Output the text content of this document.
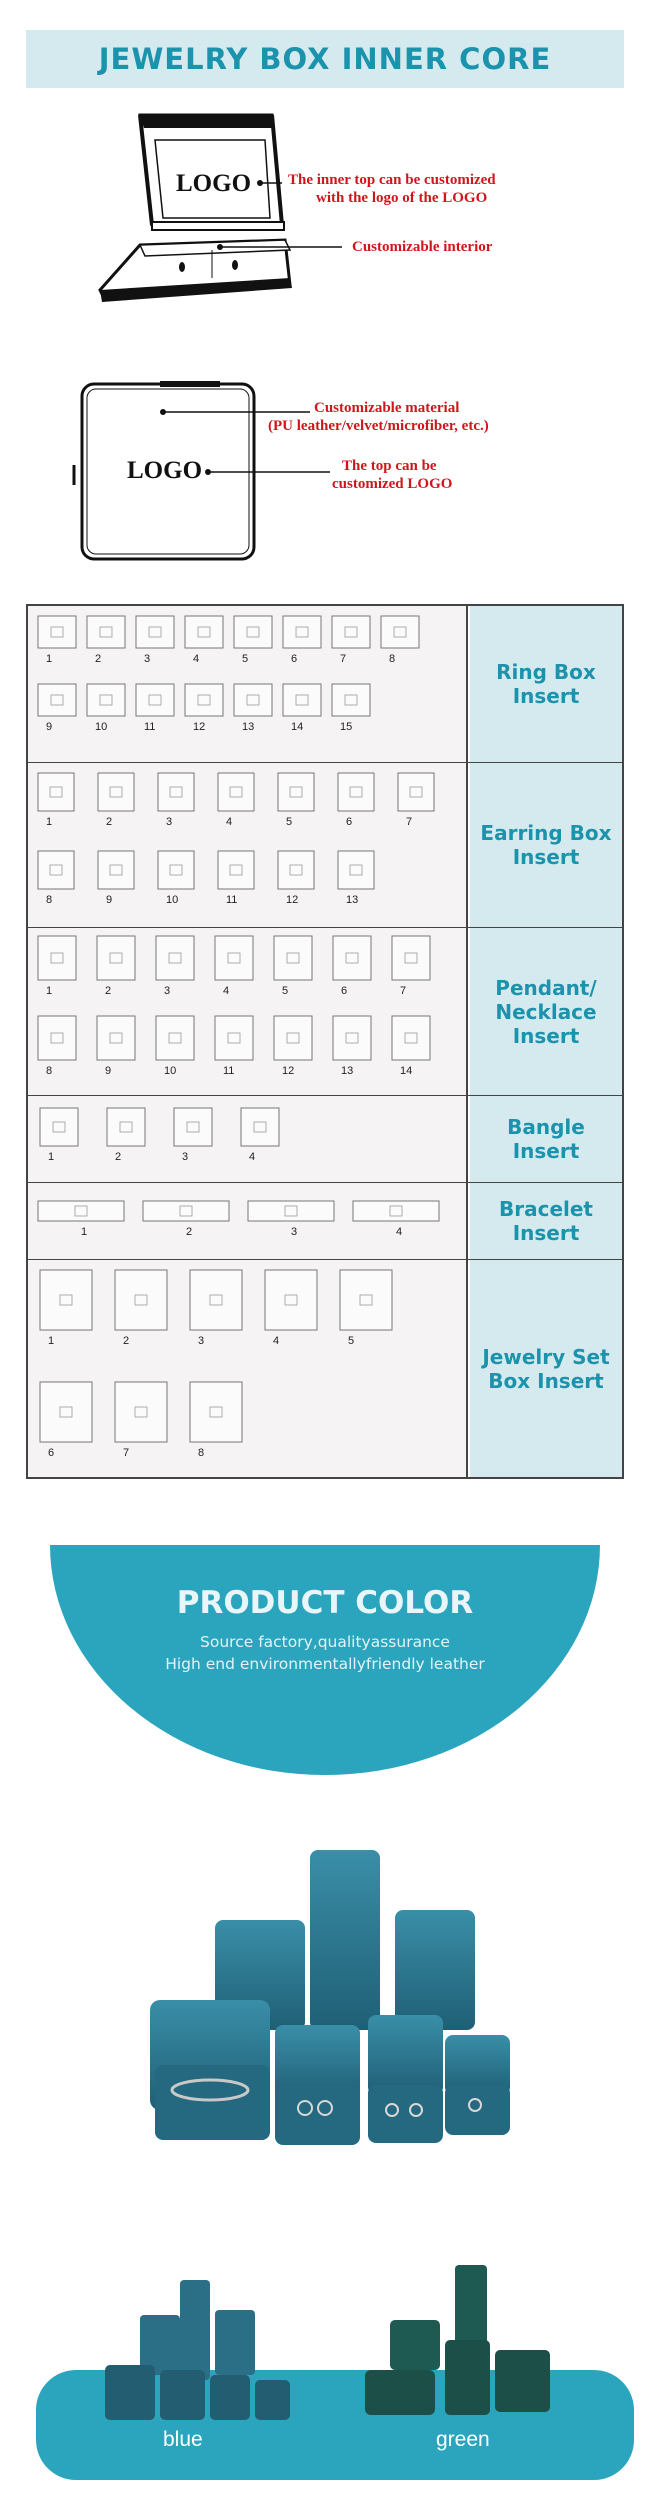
JEWELRY BOX INNER CORE
LOGO The inner top can be customized
with the logo of the LOGO
Customizable interior
LOGO
Customizable material
(PU leather/velvet/microfiber, etc.)
The top can be
customized LOGO
1	2	3	4	5	6	7	8
9	10	11	12	13	14	15
Ring Box Insert
1	2	3	4	5	6	7
8	9	10	11	12	13
Earring Box Insert
1	2	3	4	5	6	7
8	9	10	11	12	13	14
Pendant/ Necklace Insert
1	2	3	4
Bangle Insert
1	2	3	4
Bracelet Insert
1	2	3	4	5
6	7	8
Jewelry Set Box Insert
PRODUCT COLOR
Source factory,qualityassurance
High end environmentallyfriendly leather
blue	green
